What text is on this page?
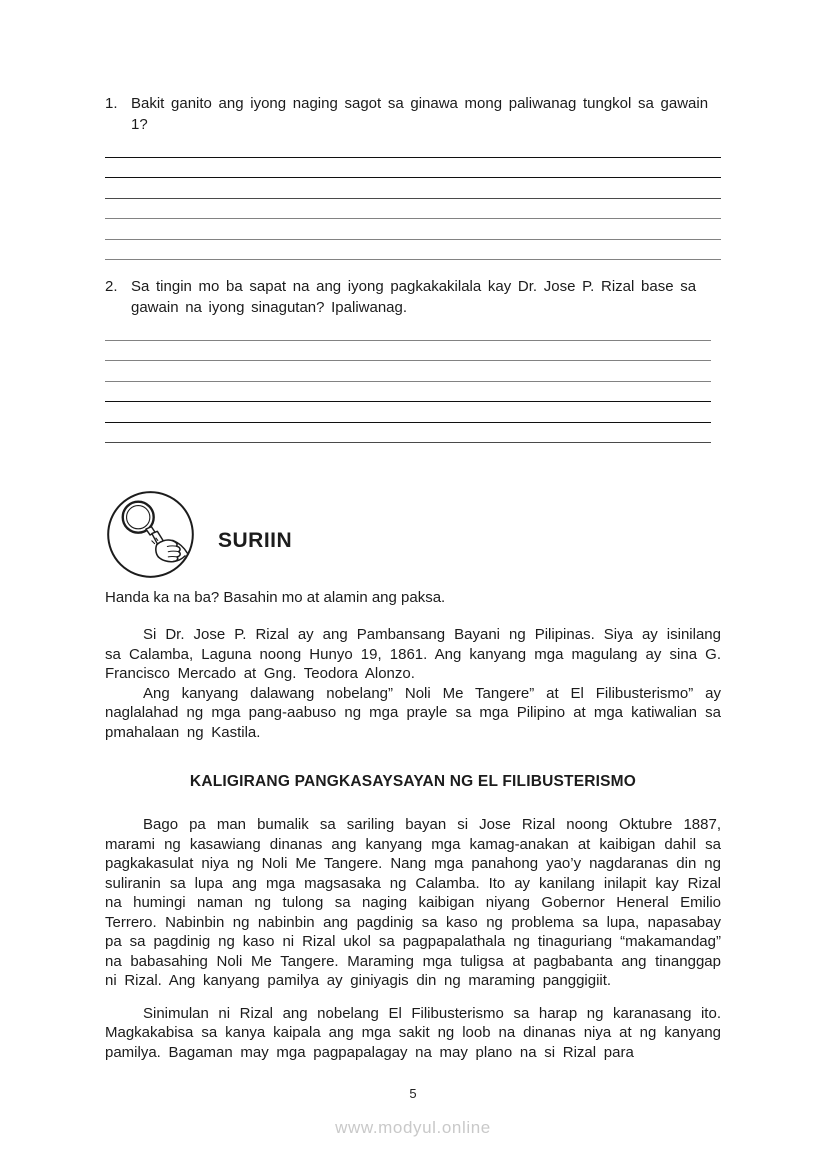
1. Bakit ganito ang iyong naging sagot sa ginawa mong paliwanag tungkol sa gawain 1?
2. Sa tingin mo ba sapat na ang iyong pagkakakilala kay Dr. Jose P. Rizal base sa gawain na iyong sinagutan? Ipaliwanag.
SURIIN

Handa ka na ba? Basahin mo at alamin ang paksa.

Si Dr. Jose P. Rizal ay ang Pambansang Bayani ng Pilipinas. Siya ay isinilang sa Calamba, Laguna noong Hunyo 19, 1861. Ang kanyang mga magulang ay sina G. Francisco Mercado at Gng. Teodora Alonzo.

Ang kanyang dalawang nobelang” Noli Me Tangere” at El Filibusterismo” ay naglalahad ng mga pang-aabuso ng mga prayle sa mga Pilipino at mga katiwalian sa pmahalaan ng Kastila.

KALIGIRANG PANGKASAYSAYAN NG EL FILIBUSTERISMO

Bago pa man bumalik sa sariling bayan si Jose Rizal noong Oktubre 1887, marami ng kasawiang dinanas ang kanyang mga kamag-anakan at kaibigan dahil sa pagkakasulat niya ng Noli Me Tangere. Nang mga panahong yao’y nagdaranas din ng suliranin sa lupa ang mga magsasaka ng Calamba. Ito ay kanilang inilapit kay Rizal na humingi naman ng tulong sa naging kaibigan niyang Gobernor Heneral Emilio Terrero. Nabinbin ng nabinbin ang pagdinig sa kaso ng problema sa lupa, napasabay pa sa pagdinig ng kaso ni Rizal ukol sa pagpapalathala ng tinaguriang “makamandag” na babasahing Noli Me Tangere. Maraming mga tuligsa at pagbabanta ang tinanggap ni Rizal. Ang kanyang pamilya ay giniyagis din ng maraming panggigiit.

Sinimulan ni Rizal ang nobelang El Filibusterismo sa harap ng karanasang ito. Magkakabisa sa kanya kaipala ang mga sakit ng loob na dinanas niya at ng kanyang pamilya. Bagaman may mga pagpapalagay na may plano na si Rizal para

5
www.modyul.online
